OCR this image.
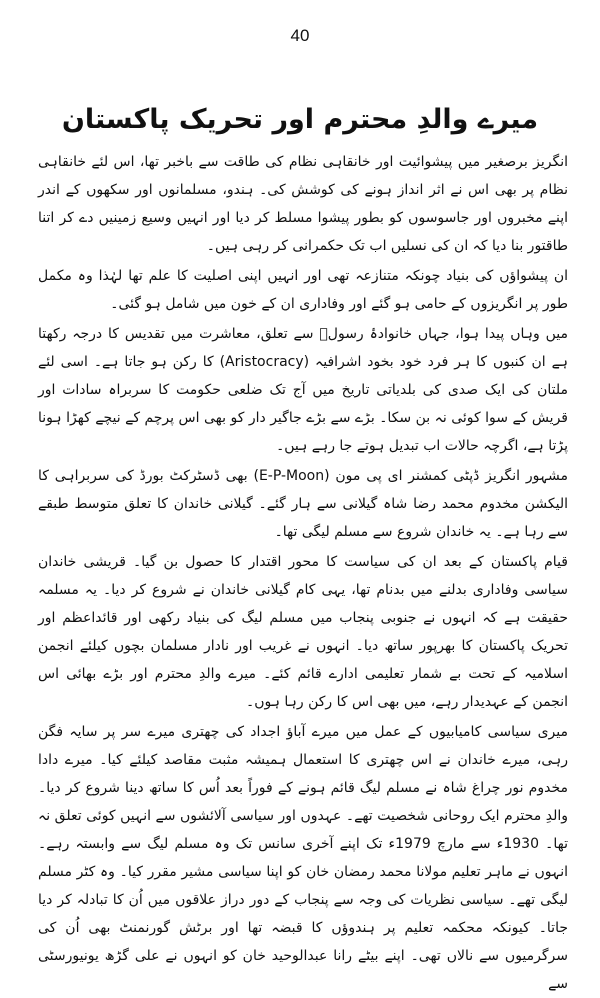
40
میرے والدِ محترم اور تحریک پاکستان

انگریز برصغیر میں پیشوائیت اور خانقاہی نظام کی طاقت سے باخبر تھا، اس لئے خانقاہی نظام پر بھی اس نے اثر انداز ہونے کی کوشش کی۔ ہندو، مسلمانوں اور سکھوں کے اندر اپنے مخبروں اور جاسوسوں کو بطور پیشوا مسلط کر دیا اور انہیں وسیع زمینیں دے کر اتنا طاقتور بنا دیا کہ ان کی نسلیں اب تک حکمرانی کر رہی ہیں۔

ان پیشواؤں کی بنیاد چونکہ متنازعہ تھی اور انہیں اپنی اصلیت کا علم تھا لہٰذا وہ مکمل طور پر انگریزوں کے حامی ہو گئے اور وفاداری ان کے خون میں شامل ہو گئی۔

میں وہاں پیدا ہوا، جہاں خانوادۂ رسولؐ سے تعلق، معاشرت میں تقدیس کا درجہ رکھتا ہے ان کنبوں کا ہر فرد خود بخود اشرافیہ (Aristocracy) کا رکن ہو جاتا ہے۔ اسی لئے ملتان کی ایک صدی کی بلدیاتی تاریخ میں آج تک ضلعی حکومت کا سربراہ سادات اور قریش کے سوا کوئی نہ بن سکا۔ بڑے سے بڑے جاگیر دار کو بھی اس پرچم کے نیچے کھڑا ہونا پڑتا ہے، اگرچہ حالات اب تبدیل ہوتے جا رہے ہیں۔

مشہور انگریز ڈپٹی کمشنر ای پی مون (E-P-Moon) بھی ڈسٹرکٹ بورڈ کی سربراہی کا الیکشن مخدوم محمد رضا شاہ گیلانی سے ہار گئے۔ گیلانی خاندان کا تعلق متوسط طبقے سے رہا ہے۔ یہ خاندان شروع سے مسلم لیگی تھا۔

قیام پاکستان کے بعد ان کی سیاست کا محور اقتدار کا حصول بن گیا۔ قریشی خاندان سیاسی وفاداری بدلنے میں بدنام تھا، یہی کام گیلانی خاندان نے شروع کر دیا۔ یہ مسلمہ حقیقت ہے کہ انہوں نے جنوبی پنجاب میں مسلم لیگ کی بنیاد رکھی اور قائداعظم اور تحریک پاکستان کا بھرپور ساتھ دیا۔ انہوں نے غریب اور نادار مسلمان بچوں کیلئے انجمن اسلامیہ کے تحت بے شمار تعلیمی ادارے قائم کئے۔ میرے والدِ محترم اور بڑے بھائی اس انجمن کے عہدیدار رہے، میں بھی اس کا رکن رہا ہوں۔

میری سیاسی کامیابیوں کے عمل میں میرے آباؤ اجداد کی چھتری میرے سر پر سایہ فگن رہی، میرے خاندان نے اس چھتری کا استعمال ہمیشہ مثبت مقاصد کیلئے کیا۔ میرے دادا مخدوم نور چراغ شاہ نے مسلم لیگ قائم ہونے کے فوراً بعد اُس کا ساتھ دینا شروع کر دیا۔ والدِ محترم ایک روحانی شخصیت تھے۔ عہدوں اور سیاسی آلائشوں سے انہیں کوئی تعلق نہ تھا۔ 1930ء سے مارچ 1979ء تک اپنے آخری سانس تک وہ مسلم لیگ سے وابستہ رہے۔ انہوں نے ماہر تعلیم مولانا محمد رمضان خان کو اپنا سیاسی مشیر مقرر کیا۔ وہ کٹر مسلم لیگی تھے۔ سیاسی نظریات کی وجہ سے پنجاب کے دور دراز علاقوں میں اُن کا تبادلہ کر دیا جاتا۔ کیونکہ محکمہ تعلیم پر ہندوؤں کا قبضہ تھا اور برٹش گورنمنٹ بھی اُن کی سرگرمیوں سے نالاں تھی۔ اپنے بیٹے رانا عبدالوحید خان کو انہوں نے علی گڑھ یونیورسٹی سے
